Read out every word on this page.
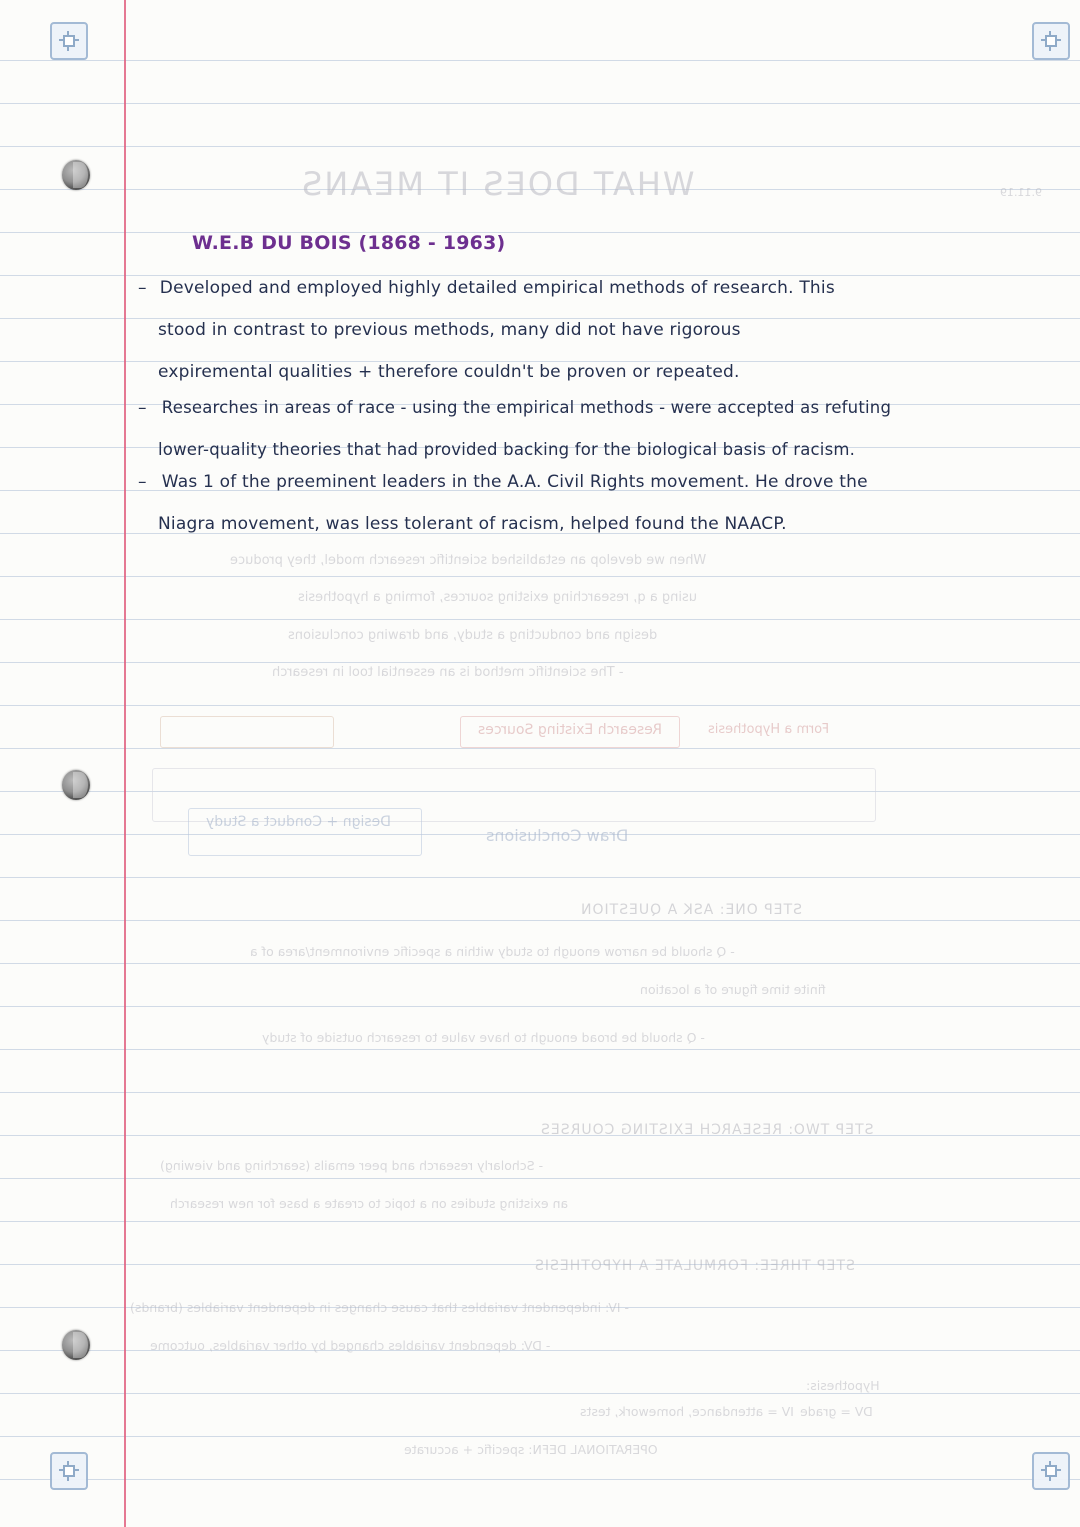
WHAT DOES IT MEANS	9.11.19
When we develop an established scientific research model, they produce
using a q, researching existing sources, forming a hypothesis
design and conducting a study, and drawing conclusions
- The scientific method is an essential tool in research
Research Existing Sources	Form a Hypothesis
Design + Conduct a Study
Draw Conclusions
STEP ONE: ASK A QUESTION
- Q should be narrow enough to study within a specific environment/area of a
finite time figure of a location
- Q should be broad enough to have value to research outside of study
STEP TWO: RESEARCH EXISTING COURSES
- Scholarly research and peer emails (searching and viewing)
an existing studies on a topic to create a base for new research
STEP THREE: FORMULATE A HYPOTHESIS
- IV: independent variables that cause changes in dependent variables (brands)
- DV: dependent variables changed by other variables, outcome
Hypothesis:
IV = attendance, homework, tests DV = grade
OPERATIONAL DEFN: specific + accurate
W.E.B DU BOIS (1868 - 1963)
– Developed and employed highly detailed empirical methods of research. This
stood in contrast to previous methods, many did not have rigorous
expiremental qualities + therefore couldn't be proven or repeated.
– Researches in areas of race - using the empirical methods - were accepted as refuting
lower-quality theories that had provided backing for the biological basis of racism.
– Was 1 of the preeminent leaders in the A.A. Civil Rights movement. He drove the
Niagra movement, was less tolerant of racism, helped found the NAACP.
